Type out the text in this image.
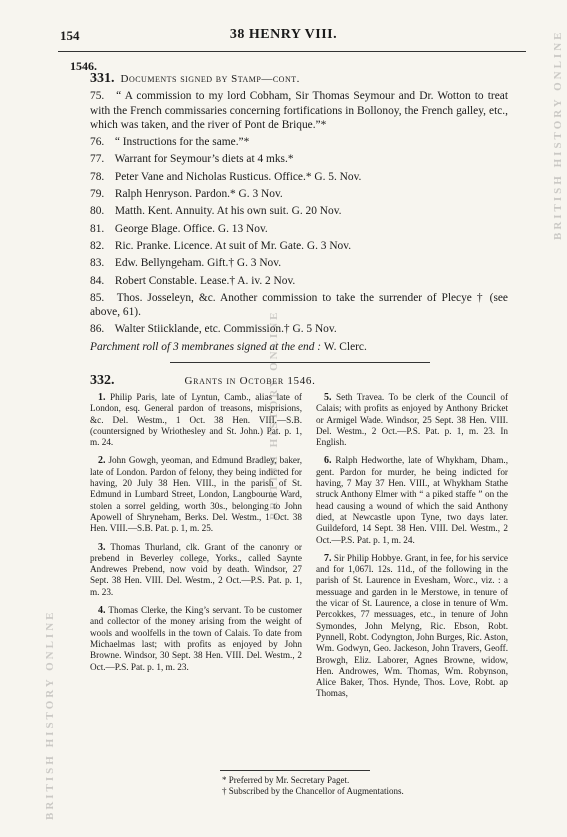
154	38 HENRY VIII.
1546.
331. Documents signed by Stamp—cont.
75. “ A commission to my lord Cobham, Sir Thomas Seymour and Dr. Wotton to treat with the French commissaries concerning fortifications in Bollonoy, the French galley, etc., which was taken, and the river of Pont de Brique.”*
76. “ Instructions for the same.”*
77. Warrant for Seymour’s diets at 4 mks.*
78. Peter Vane and Nicholas Rusticus. Office.* G. 5. Nov.
79. Ralph Henryson. Pardon.* G. 3 Nov.
80. Matth. Kent. Annuity. At his own suit. G. 20 Nov.
81. George Blage. Office. G. 13 Nov.
82. Ric. Pranke. Licence. At suit of Mr. Gate. G. 3 Nov.
83. Edw. Bellyngeham. Gift.† G. 3 Nov.
84. Robert Constable. Lease.† A. iv. 2 Nov.
85. Thos. Josseleyn, &c. Another commission to take the surrender of Plecye † (see above, 61).
86. Walter Stiicklande, etc. Commission.† G. 5 Nov.
Parchment roll of 3 membranes signed at the end : W. Clerc.
332.	Grants in October 1546.
1. Philip Paris, late of Lyntun, Camb., alias late of London, esq. General pardon of treasons, misprisions, &c. Del. Westm., 1 Oct. 38 Hen. VIII.—S.B. (countersigned by Wriothesley and St. John.) Pat. p. 1, m. 24.
2. John Gowgh, yeoman, and Edmund Bradley, baker, late of London. Pardon of felony, they being indicted for having, 20 July 38 Hen. VIII., in the parish of St. Edmund in Lumbard Street, London, Langbourne Ward, stolen a sorrel gelding, worth 30s., belonging to John Apowell of Shryneham, Berks. Del. Westm., 1 Oct. 38 Hen. VIII.—S.B. Pat. p. 1, m. 25.
3. Thomas Thurland, clk. Grant of the canonry or prebend in Beverley college, Yorks., called Saynte Andrewes Prebend, now void by death. Windsor, 27 Sept. 38 Hen. VIII. Del. Westm., 2 Oct.—P.S. Pat. p. 1, m. 23.
4. Thomas Clerke, the King’s servant. To be customer and collector of the money arising from the weight of wools and woolfells in the town of Calais. To date from Michaelmas last; with profits as enjoyed by John Browne. Windsor, 30 Sept. 38 Hen. VIII. Del. Westm., 2 Oct.—P.S. Pat. p. 1, m. 23.
5. Seth Travea. To be clerk of the Council of Calais; with profits as enjoyed by Anthony Bricket or Armigel Wade. Windsor, 25 Sept. 38 Hen. VIII. Del. Westm., 2 Oct.—P.S. Pat. p. 1, m. 23. In English.
6. Ralph Hedworthe, late of Whykham, Dham., gent. Pardon for murder, he being indicted for having, 7 May 37 Hen. VIII., at Whykham Stathe struck Anthony Elmer with “ a piked staffe ” on the head causing a wound of which the said Anthony died, at Newcastle upon Tyne, two days later. Guildeford, 14 Sept. 38 Hen. VIII. Del. Westm., 2 Oct.—P.S. Pat. p. 1, m. 24.
7. Sir Philip Hobbye. Grant, in fee, for his service and for 1,067l. 12s. 11d., of the following in the parish of St. Laurence in Evesham, Worc., viz. : a messuage and garden in le Merstowe, in tenure of the vicar of St. Laurence, a close in tenure of Wm. Percokkes, 77 messuages, etc., in tenure of John Symondes, John Melyng, Ric. Ebson, Robt. Pynnell, Robt. Codyngton, John Burges, Ric. Aston, Wm. Godwyn, Geo. Jackeson, John Travers, Geoff. Browgh, Eliz. Laborer, Agnes Browne, widow, Hen. Androwes, Wm. Thomas, Wm. Robynson, Alice Baker, Thos. Hynde, Thos. Love, Robt. ap Thomas,
* Preferred by Mr. Secretary Paget.
† Subscribed by the Chancellor of Augmentations.
BRITISH HISTORY ONLINE
BRITISH HISTORY ONLINE
BRITISH HISTORY ONLINE
